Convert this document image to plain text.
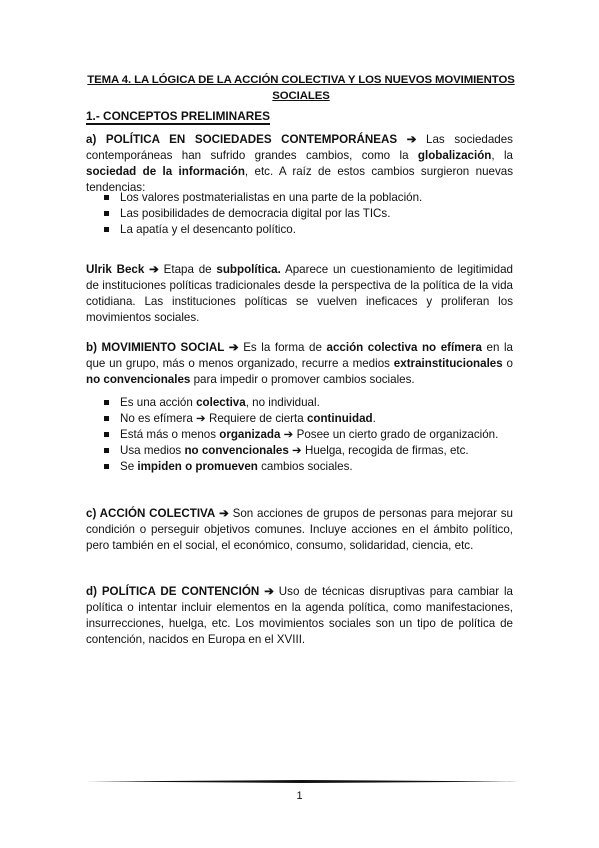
TEMA 4. LA LÓGICA DE LA ACCIÓN COLECTIVA Y LOS NUEVOS MOVIMIENTOS
SOCIALES
1.- CONCEPTOS PRELIMINARES
a) POLÍTICA EN SOCIEDADES CONTEMPORÁNEAS ➔ Las sociedades contemporáneas han sufrido grandes cambios, como la globalización, la sociedad de la información, etc. A raíz de estos cambios surgieron nuevas tendencias:
Los valores postmaterialistas en una parte de la población.
Las posibilidades de democracia digital por las TICs.
La apatía y el desencanto político.
Ulrik Beck ➔ Etapa de subpolítica. Aparece un cuestionamiento de legitimidad de instituciones políticas tradicionales desde la perspectiva de la política de la vida cotidiana. Las instituciones políticas se vuelven ineficaces y proliferan los movimientos sociales.
b) MOVIMIENTO SOCIAL ➔ Es la forma de acción colectiva no efímera en la que un grupo, más o menos organizado, recurre a medios extrainstitucionales o no convencionales para impedir o promover cambios sociales.
Es una acción colectiva, no individual.
No es efímera ➔ Requiere de cierta continuidad.
Está más o menos organizada ➔ Posee un cierto grado de organización.
Usa medios no convencionales ➔ Huelga, recogida de firmas, etc.
Se impiden o promueven cambios sociales.
c) ACCIÓN COLECTIVA ➔ Son acciones de grupos de personas para mejorar su condición o perseguir objetivos comunes. Incluye acciones en el ámbito político, pero también en el social, el económico, consumo, solidaridad, ciencia, etc.
d) POLÍTICA DE CONTENCIÓN ➔ Uso de técnicas disruptivas para cambiar la política o intentar incluir elementos en la agenda política, como manifestaciones, insurrecciones, huelga, etc. Los movimientos sociales son un tipo de política de contención, nacidos en Europa en el XVIII.
1
